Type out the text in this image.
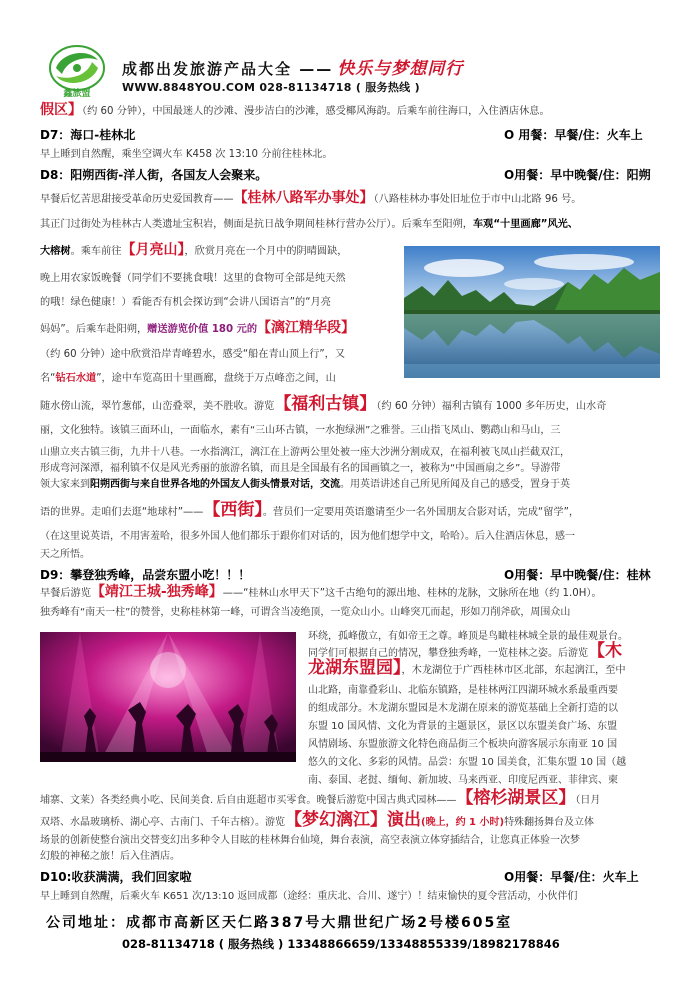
鑫旅盟
成都出发旅游产品大全 —— 快乐与梦想同行
WWW.8848YOU.COM 028-81134718 ( 服务热线 )
假区】（约 60 分钟），中国最迷人的沙滩、漫步洁白的沙滩，感受椰风海韵。后乘车前往海口，入住酒店休息。
D7：海口-桂林北	O 用餐：早餐/住：火车上
早上睡到自然醒，乘坐空调火车 K458 次 13:10 分前往桂林北。
D8：阳朔西街-洋人街，各国友人会聚来。	O用餐：早中晚餐/住：阳朔
早餐后忆苦思甜接受革命历史爱国教育——【桂林八路军办事处】（八路桂林办事处旧址位于市中山北路 96 号。
其正门过街处为桂林古人类遗址宝积岩，侧面是抗日战争期间桂林行营办公厅）。后乘车至阳朔，车观“十里画廊”风光、
大榕树。乘车前往【月亮山】，欣赏月亮在一个月中的阴晴圆缺，
晚上用农家饭晚餐（同学们不要挑食哦！这里的食物可全部是纯天然
的哦！绿色健康！）看能否有机会探访到“会讲八国语言”的“月亮
妈妈”。后乘车赴阳朔，赠送游览价值 180 元的【漓江精华段】
（约 60 分钟）途中欣赏沿岸青峰碧水，感受“船在青山顶上行”，又
名“钻石水道”，途中车览高田十里画廊，盘绕于万点峰峦之间，山
随水傍山流，翠竹葱郁，山峦叠翠，美不胜收。游览【福利古镇】（约 60 分钟）福利古镇有 1000 多年历史，山水奇
丽，文化独特。该镇三面环山，一面临水，素有“三山环古镇，一水抱绿洲”之雅誉。三山指飞凤山、鹦鹉山和马山，三
山鼎立夹古镇三街，九井十八巷。一水指漓江，漓江在上游两公里处被一座大沙洲分割成双，在福利被飞凤山拦截双江，
形成弯河深潭，福利镇不仅是风光秀丽的旅游名镇，而且是全国最有名的国画镇之一，被称为“中国画扇之乡”。导游带
领大家来到阳朔西街与来自世界各地的外国友人街头情景对话，交流。用英语讲述自己所见所闻及自己的感受，置身于英
语的世界。走咱们去逛“地球村”——【西街】。营员们一定要用英语邀请至少一名外国朋友合影对话，完成“留学”，
（在这里说英语，不用害羞哈，很多外国人他们都乐于跟你们对话的，因为他们想学中文，哈哈）。后入住酒店休息，感一
天之所悟。
D9：攀登独秀峰，品尝东盟小吃！！！	O用餐：早中晚餐/住：桂林
早餐后游览【靖江王城-独秀峰】——“桂林山水甲天下”这千古绝句的源出地、桂林的龙脉，文脉所在地（约 1.0H）。
独秀峰有“南天一柱”的赞誉，史称桂林第一峰，可谓含当凌绝顶，一览众山小。山峰突兀而起，形如刀削斧砍，周围众山
环绕，孤峰傲立，有如帝王之尊。峰顶是鸟瞰桂林城全景的最佳观景台。
同学们可根据自己的情况，攀登独秀峰，一览桂林之姿。后游览【木
龙湖东盟园】，木龙湖位于广西桂林市区北部，东起漓江，至中
山北路，南靠叠彩山、北临东镇路，是桂林两江四湖环城水系最重西要
的组成部分。木龙湖东盟园是木龙湖在原来的游览基础上全新打造的以
东盟 10 国风情、文化为背景的主题景区，景区以东盟美食广场、东盟
风情剧场、东盟旅游文化特色商品街三个板块向游客展示东南亚 10 国
悠久的文化、多彩的风情。品尝：东盟 10 国美食，汇集东盟 10 国（越
南、泰国、老挝、缅甸、新加坡、马来西亚、印度尼西亚、菲律宾、柬
埔寨、文莱）各类经典小吃、民间美食. 后自由逛超市买零食。晚餐后游览中国古典式园林——【榕杉湖景区】（日月
双塔、水晶玻璃桥、湖心亭、古南门、千年古榕）。游览【梦幻漓江】演出(晚上，约 1 小时)特殊翻扬舞台及立体
场景的创新使整台演出交替变幻出多种令人目眩的桂林舞台仙境，舞台表演，高空表演立体穿插结合，让您真正体验一次梦
幻般的神秘之旅！后入住酒店。
D10:收获满满，我们回家啦	O用餐：早餐/住：火车上
早上睡到自然醒，后乘火车 K651 次/13:10 返回成都（途经：重庆北、合川、遂宁）！结束愉快的夏令营活动，小伙伴们
公司地址：成都市高新区天仁路387号大鼎世纪广场2号楼605室
028-81134718 ( 服务热线 ) 13348866659/13348855339/18982178846
